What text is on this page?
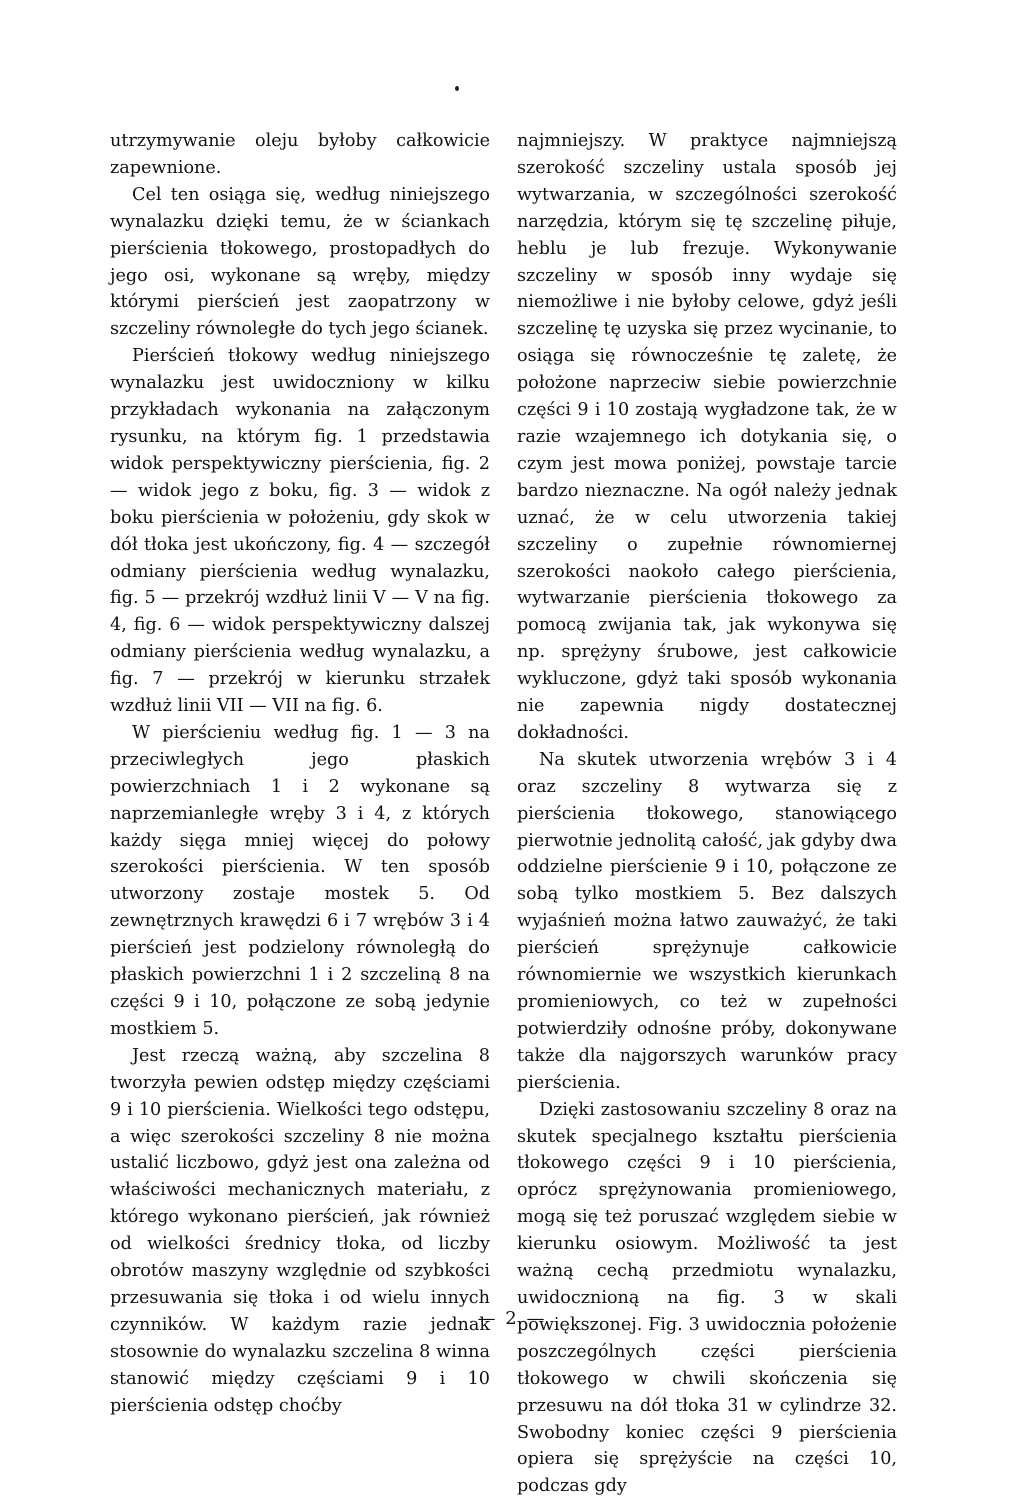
utrzymywanie oleju byłoby całkowicie zapewnione.

Cel ten osiąga się, według niniejszego wynalazku dzięki temu, że w ściankach pierścienia tłokowego, prostopadłych do jego osi, wykonane są wręby, między którymi pierścień jest zaopatrzony w szczeliny równoległe do tych jego ścianek.

Pierścień tłokowy według niniejszego wynalazku jest uwidoczniony w kilku przykładach wykonania na załączonym rysunku, na którym fig. 1 przedstawia widok perspektywiczny pierścienia, fig. 2 — widok jego z boku, fig. 3 — widok z boku pierścienia w położeniu, gdy skok w dół tłoka jest ukończony, fig. 4 — szczegół odmiany pierścienia według wynalazku, fig. 5 — przekrój wzdłuż linii V — V na fig. 4, fig. 6 — widok perspektywiczny dalszej odmiany pierścienia według wynalazku, a fig. 7 — przekrój w kierunku strzałek wzdłuż linii VII — VII na fig. 6.

W pierścieniu według fig. 1 — 3 na przeciwległych jego płaskich powierzchniach 1 i 2 wykonane są naprzemianległe wręby 3 i 4, z których każdy sięga mniej więcej do połowy szerokości pierścienia. W ten sposób utworzony zostaje mostek 5. Od zewnętrznych krawędzi 6 i 7 wrębów 3 i 4 pierścień jest podzielony równoległą do płaskich powierzchni 1 i 2 szczeliną 8 na części 9 i 10, połączone ze sobą jedynie mostkiem 5.

Jest rzeczą ważną, aby szczelina 8 tworzyła pewien odstęp między częściami 9 i 10 pierścienia. Wielkości tego odstępu, a więc szerokości szczeliny 8 nie można ustalić liczbowo, gdyż jest ona zależna od właściwości mechanicznych materiału, z którego wykonano pierścień, jak również od wielkości średnicy tłoka, od liczby obrotów maszyny względnie od szybkości przesuwania się tłoka i od wielu innych czynników. W każdym razie jednak stosownie do wynalazku szczelina 8 winna stanowić między częściami 9 i 10 pierścienia odstęp choćby

najmniejszy. W praktyce najmniejszą szerokość szczeliny ustala sposób jej wytwarzania, w szczególności szerokość narzędzia, którym się tę szczelinę piłuje, heblu je lub frezuje. Wykonywanie szczeliny w sposób inny wydaje się niemożliwe i nie byłoby celowe, gdyż jeśli szczelinę tę uzyska się przez wycinanie, to osiąga się równocześnie tę zaletę, że położone naprzeciw siebie powierzchnie części 9 i 10 zostają wygładzone tak, że w razie wzajemnego ich dotykania się, o czym jest mowa poniżej, powstaje tarcie bardzo nieznaczne. Na ogół należy jednak uznać, że w celu utworzenia takiej szczeliny o zupełnie równomiernej szerokości naokoło całego pierścienia, wytwarzanie pierścienia tłokowego za pomocą zwijania tak, jak wykonywa się np. sprężyny śrubowe, jest całkowicie wykluczone, gdyż taki sposób wykonania nie zapewnia nigdy dostatecznej dokładności.

Na skutek utworzenia wrębów 3 i 4 oraz szczeliny 8 wytwarza się z pierścienia tłokowego, stanowiącego pierwotnie jednolitą całość, jak gdyby dwa oddzielne pierścienie 9 i 10, połączone ze sobą tylko mostkiem 5. Bez dalszych wyjaśnień można łatwo zauważyć, że taki pierścień sprężynuje całkowicie równomiernie we wszystkich kierunkach promieniowych, co też w zupełności potwierdziły odnośne próby, dokonywane także dla najgorszych warunków pracy pierścienia.

Dzięki zastosowaniu szczeliny 8 oraz na skutek specjalnego kształtu pierścienia tłokowego części 9 i 10 pierścienia, oprócz sprężynowania promieniowego, mogą się też poruszać względem siebie w kierunku osiowym. Możliwość ta jest ważną cechą przedmiotu wynalazku, uwidocznioną na fig. 3 w skali powiększonej. Fig. 3 uwidocznia położenie poszczególnych części pierścienia tłokowego w chwili skończenia się przesuwu na dół tłoka 31 w cylindrze 32. Swobodny koniec części 9 pierścienia opiera się sprężyście na części 10, podczas gdy

— 2 —
